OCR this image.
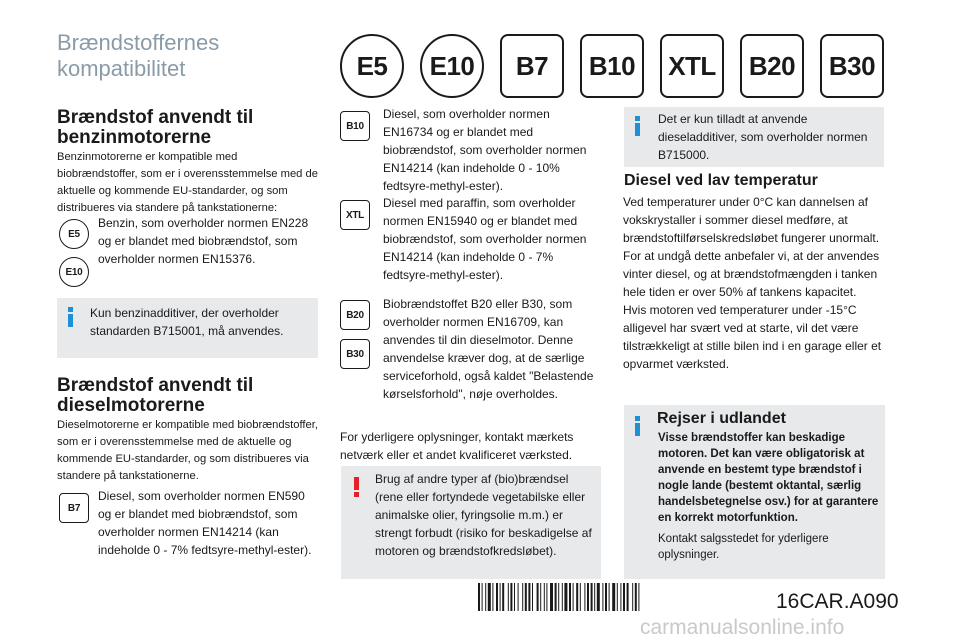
Brændstoffernes kompatibilitet	E5	E10	B7	B10	XTL	B20	B30
Brændstof anvendt til benzinmotorerne
Benzinmotorerne er kompatible med biobrændstoffer, som er i overensstemmelse med de aktuelle og kommende EU-standarder, og som distribueres via standere på tankstationerne:
E5
E10
Benzin, som overholder normen EN228 og er blandet med biobrændstof, som overholder normen EN15376.
Kun benzinadditiver, der overholder standarden B715001, må anvendes.
Brændstof anvendt til dieselmotorerne
Dieselmotorerne er kompatible med biobrændstoffer, som er i overensstemmelse med de aktuelle og kommende EU-standarder, og som distribueres via standere på tankstationerne.
B7
Diesel, som overholder normen EN590 og er blandet med biobrændstof, som overholder normen EN14214 (kan indeholde 0 - 7% fedtsyre-methyl-ester).
B10
Diesel, som overholder normen EN16734 og er blandet med biobrændstof, som overholder normen EN14214 (kan indeholde 0 - 10% fedtsyre-methyl-ester).
XTL
Diesel med paraffin, som overholder normen EN15940 og er blandet med biobrændstof, som overholder normen EN14214 (kan indeholde 0 - 7% fedtsyre-methyl-ester).
B20
B30
Biobrændstoffet B20 eller B30, som overholder normen EN16709, kan anvendes til din dieselmotor. Denne anvendelse kræver dog, at de særlige serviceforhold, også kaldet "Belastende kørselsforhold", nøje overholdes.
For yderligere oplysninger, kontakt mærkets netværk eller et andet kvalificeret værksted.
Brug af andre typer af (bio)brændsel (rene eller fortyndede vegetabilske eller animalske olier, fyringsolie m.m.) er strengt forbudt (risiko for beskadigelse af motoren og brændstofkredsløbet).
Det er kun tilladt at anvende dieseladditiver, som overholder normen B715000.
Diesel ved lav temperatur
Ved temperaturer under 0°C kan dannelsen af vokskrystaller i sommer diesel medføre, at brændstoftilførselskredsløbet fungerer unormalt. For at undgå dette anbefaler vi, at der anvendes vinter diesel, og at brændstofmængden i tanken hele tiden er over 50% af tankens kapacitet.
Hvis motoren ved temperaturer under -15°C alligevel har svært ved at starte, vil det være tilstrækkeligt at stille bilen ind i en garage eller et opvarmet værksted.
Rejser i udlandet
Visse brændstoffer kan beskadige motoren. Det kan være obligatorisk at anvende en bestemt type brændstof i nogle lande (bestemt oktantal, særlig handelsbetegnelse osv.) for at garantere en korrekt motorfunktion.
Kontakt salgsstedet for yderligere oplysninger.
16CAR.A090
carmanualsonline.info
